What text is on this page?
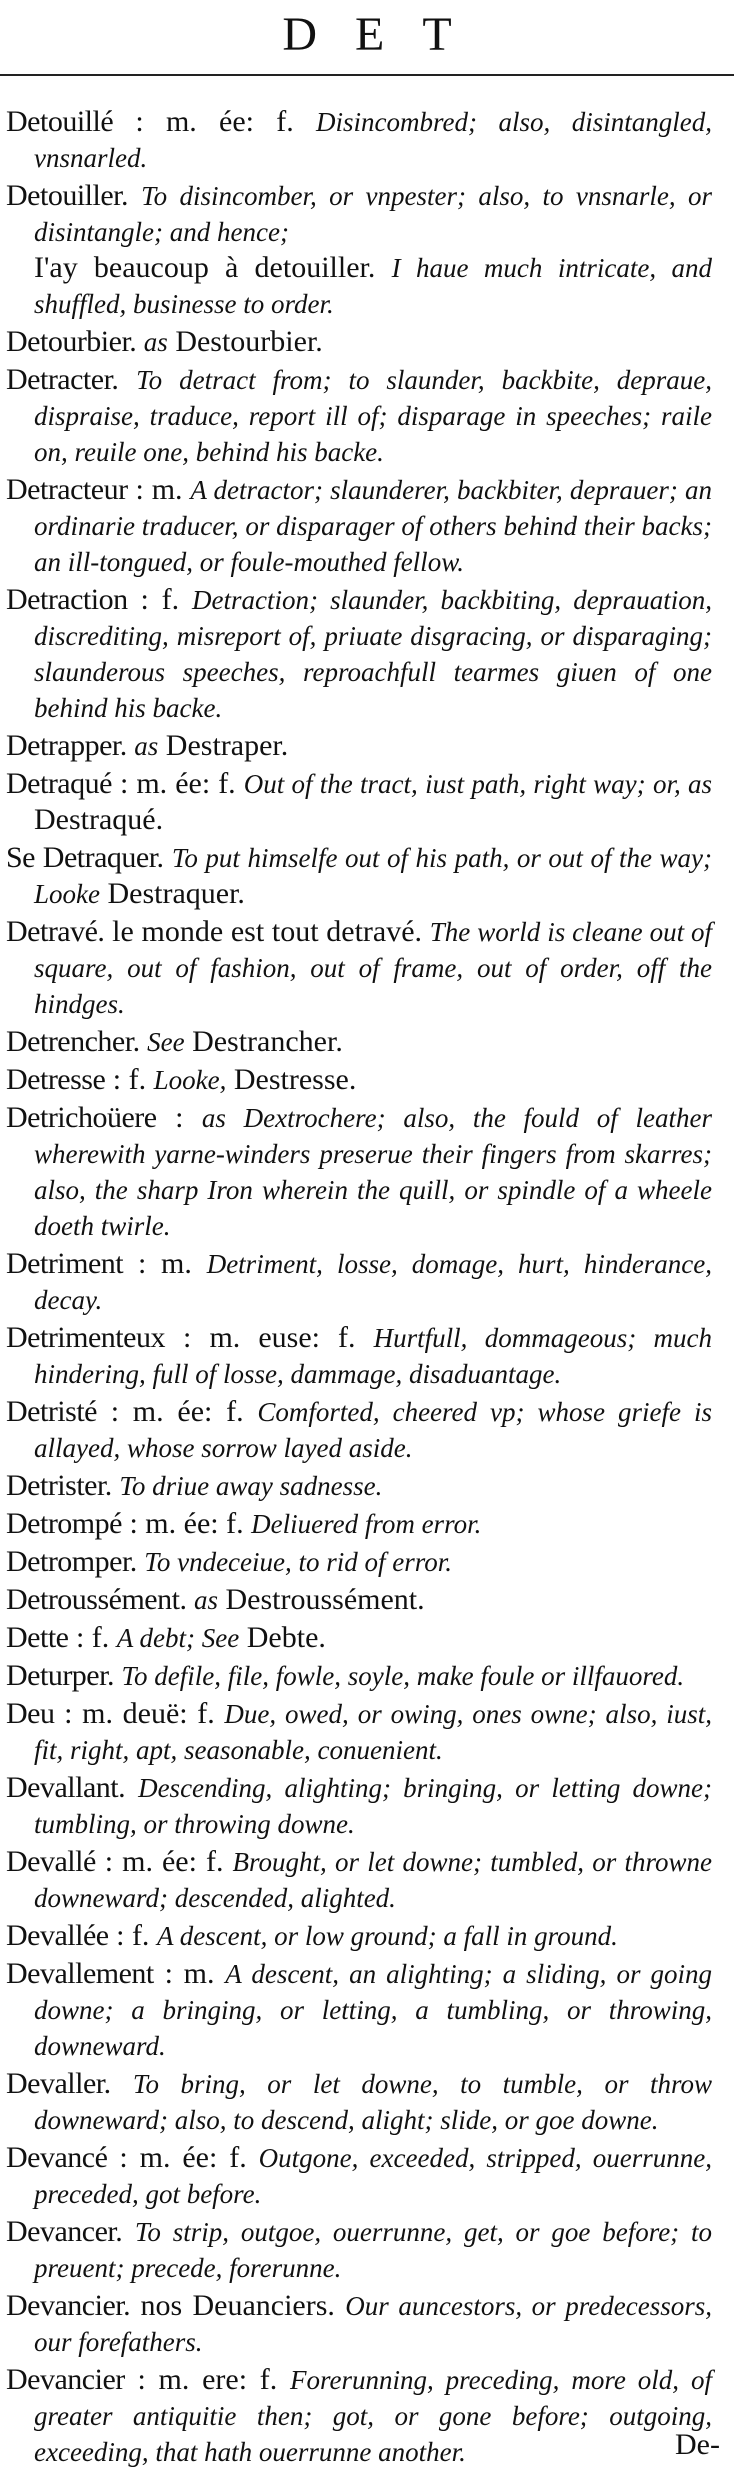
DET
Detouillé : m. ée: f. Disincombred; also, disintangled, vnsnarled.
Detouiller. To disincomber, or vnpester; also, to vnsnarle, or disintangle; and hence;
I'ay beaucoup à detouiller. I haue much intricate, and shuffled, businesse to order.
Detourbier. as Destourbier.
Detracter. To detract from; to slaunder, backbite, depraue, dispraise, traduce, report ill of; disparage in speeches; raile on, reuile one, behind his backe.
Detracteur : m. A detractor; slaunderer, backbiter, deprauer; an ordinarie traducer, or disparager of others behind their backs; an ill-tongued, or foule-mouthed fellow.
Detraction : f. Detraction; slaunder, backbiting, deprauation, discrediting, misreport of, priuate disgracing, or disparaging; slaunderous speeches, reproachfull tearmes giuen of one behind his backe.
Detrapper. as Destraper.
Detraqué : m. ée: f. Out of the tract, iust path, right way; or, as Destraqué.
Se Detraquer. To put himselfe out of his path, or out of the way; Looke Destraquer.
Detravé. le monde est tout detravé. The world is cleane out of square, out of fashion, out of frame, out of order, off the hindges.
Detrencher. See Destrancher.
Detresse : f. Looke, Destresse.
Detrichoüere : as Dextrochere; also, the fould of leather wherewith yarne-winders preserue their fingers from skarres; also, the sharp Iron wherein the quill, or spindle of a wheele doeth twirle.
Detriment : m. Detriment, losse, domage, hurt, hinderance, decay.
Detrimenteux : m. euse: f. Hurtfull, dommageous; much hindering, full of losse, dammage, disaduantage.
Detristé : m. ée: f. Comforted, cheered vp; whose griefe is allayed, whose sorrow layed aside.
Detrister. To driue away sadnesse.
Detrompé : m. ée: f. Deliuered from error.
Detromper. To vndeceiue, to rid of error.
Detroussément. as Destroussément.
Dette : f. A debt; See Debte.
Deturper. To defile, file, fowle, soyle, make foule or illfauored.
Deu : m. deuë: f. Due, owed, or owing, ones owne; also, iust, fit, right, apt, seasonable, conuenient.
Devallant. Descending, alighting; bringing, or letting downe; tumbling, or throwing downe.
Devallé : m. ée: f. Brought, or let downe; tumbled, or throwne downeward; descended, alighted.
Devallée : f. A descent, or low ground; a fall in ground.
Devallement : m. A descent, an alighting; a sliding, or going downe; a bringing, or letting, a tumbling, or throwing, downeward.
Devaller. To bring, or let downe, to tumble, or throw downeward; also, to descend, alight; slide, or goe downe.
Devancé : m. ée: f. Outgone, exceeded, stripped, ouerrunne, preceded, got before.
Devancer. To strip, outgoe, ouerrunne, get, or goe before; to preuent; precede, forerunne.
Devancier. nos Deuanciers. Our auncestors, or predecessors, our forefathers.
Devancier : m. ere: f. Forerunning, preceding, more old, of greater antiquitie then; got, or gone before; outgoing, exceeding, that hath ouerrunne another.	De-
